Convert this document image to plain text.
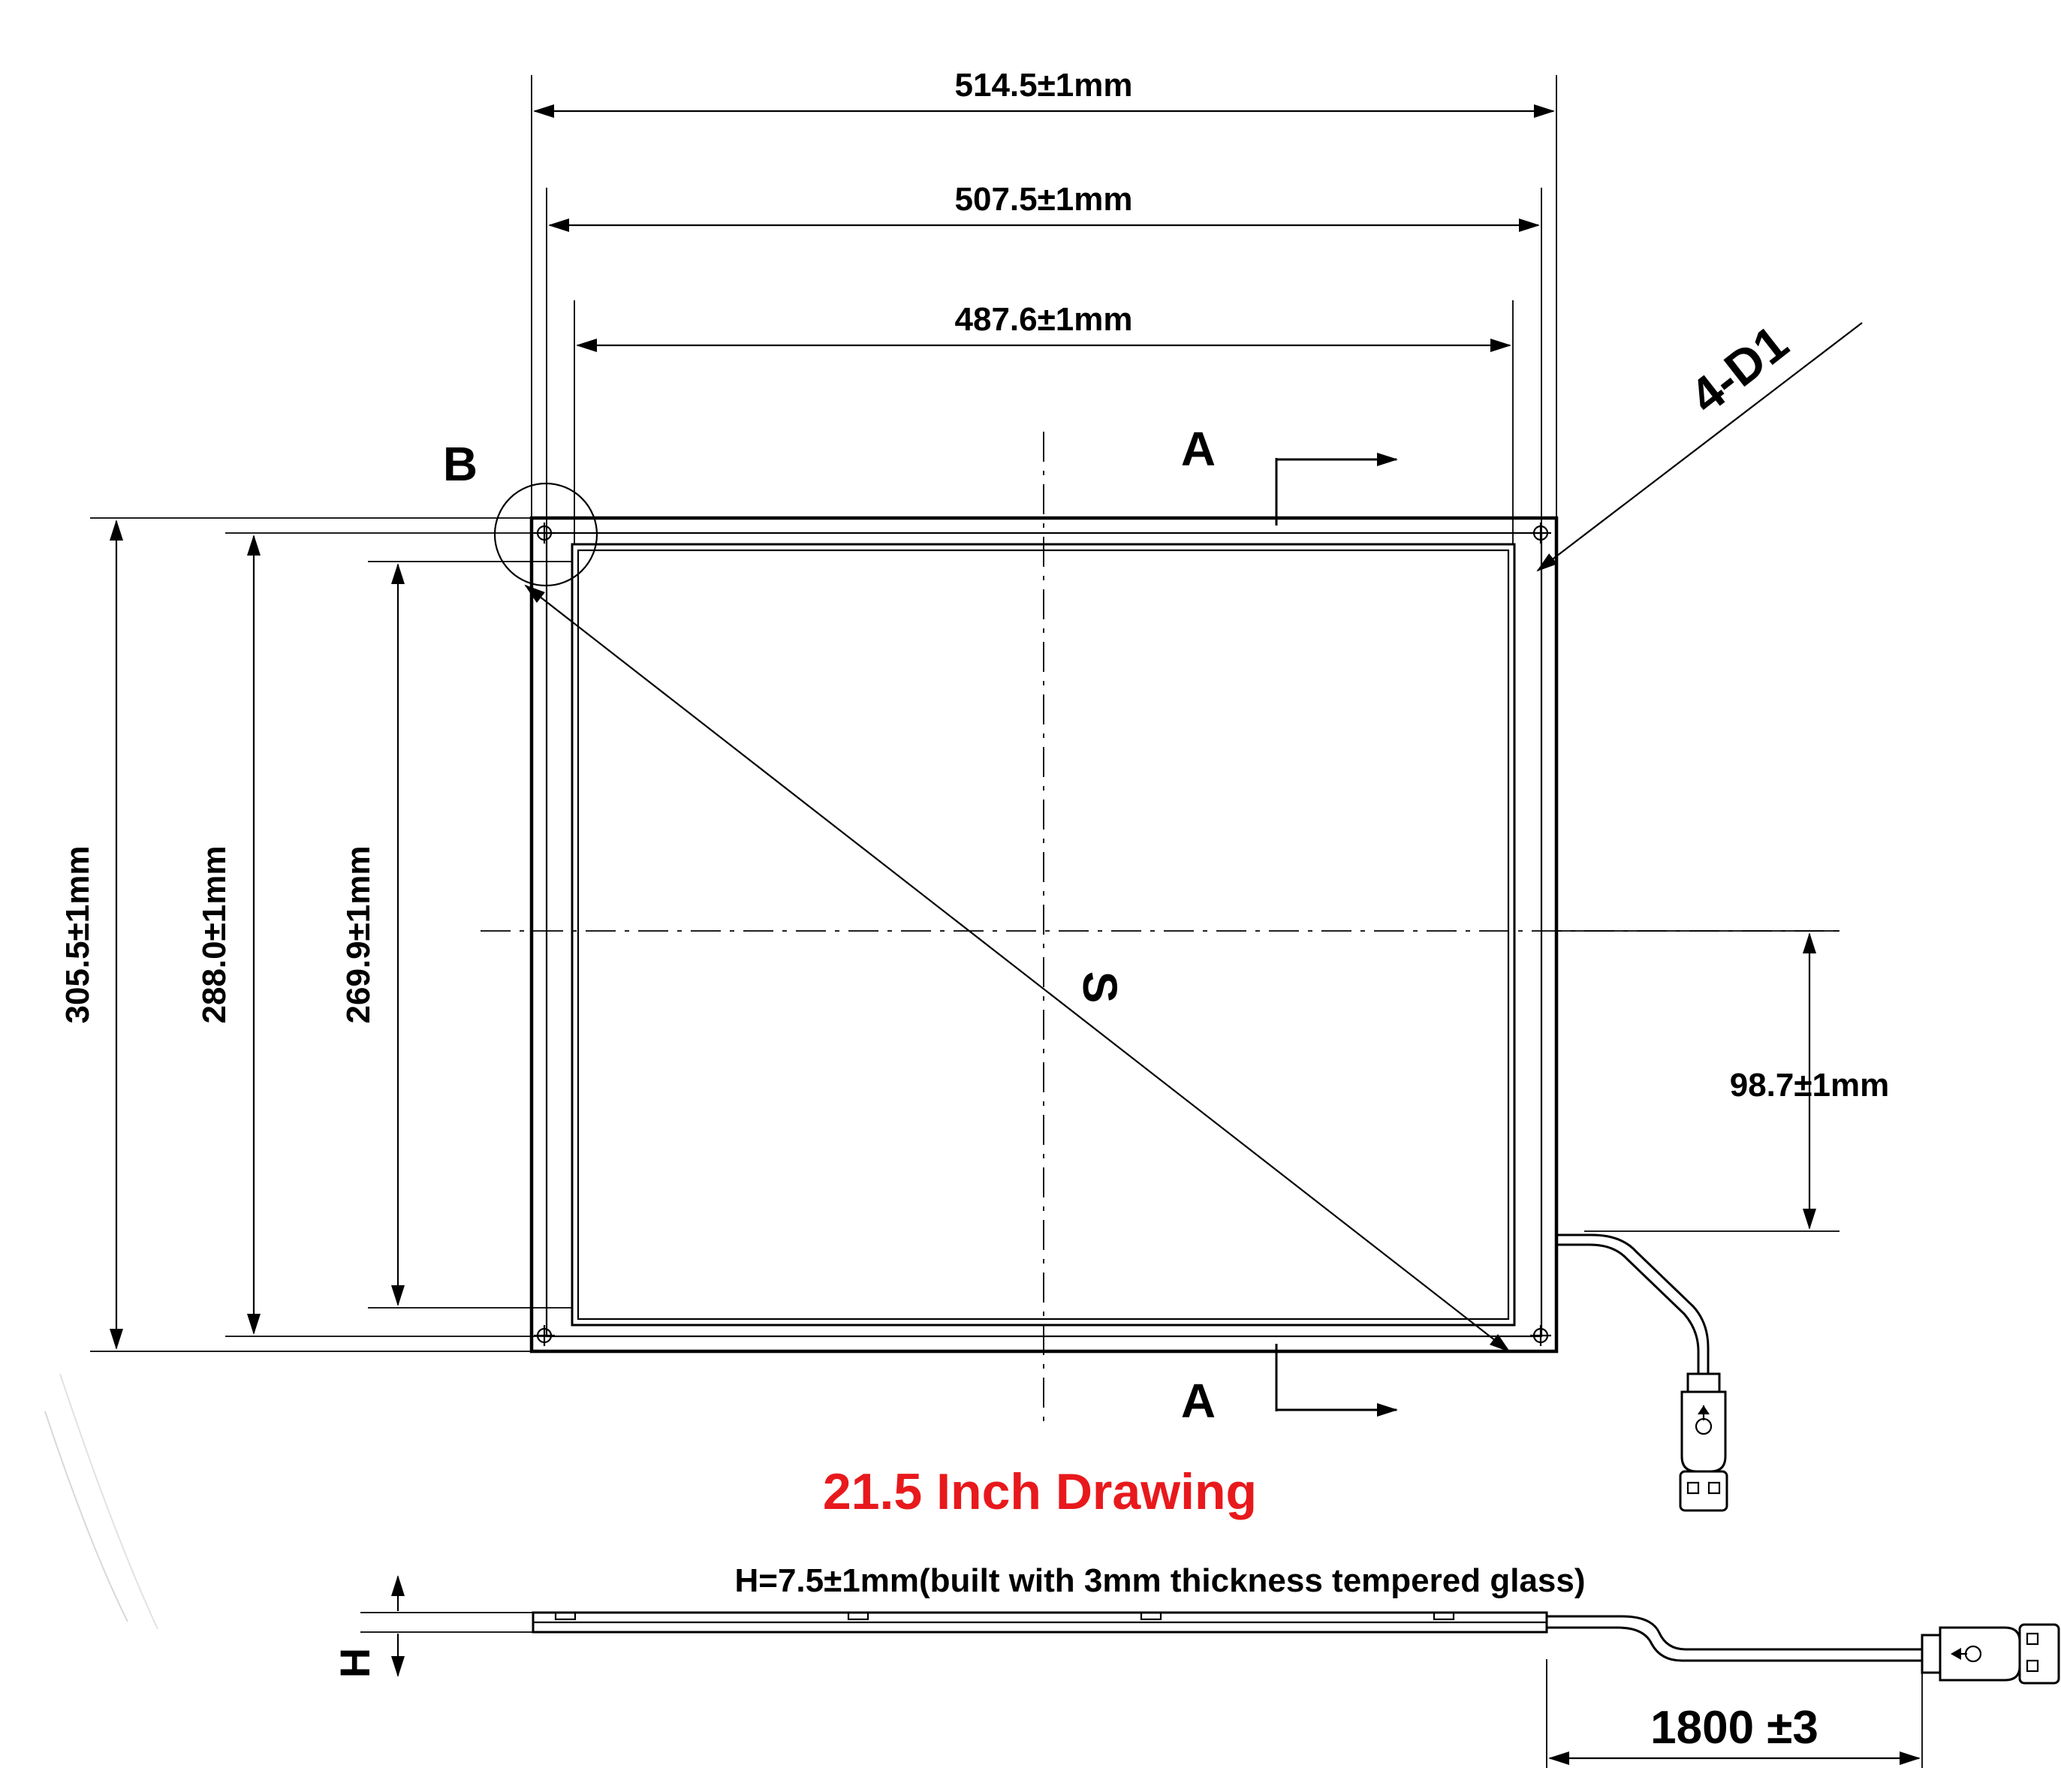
514.5±1mm
507.5±1mm
487.6±1mm
305.5±1mm	288.0±1mm	269.9±1mm
98.7±1mm
S
A
A
B
4-D1
21.5 Inch Drawing
H=7.5±1mm(built with 3mm thickness tempered glass)
H
1800 ±3
